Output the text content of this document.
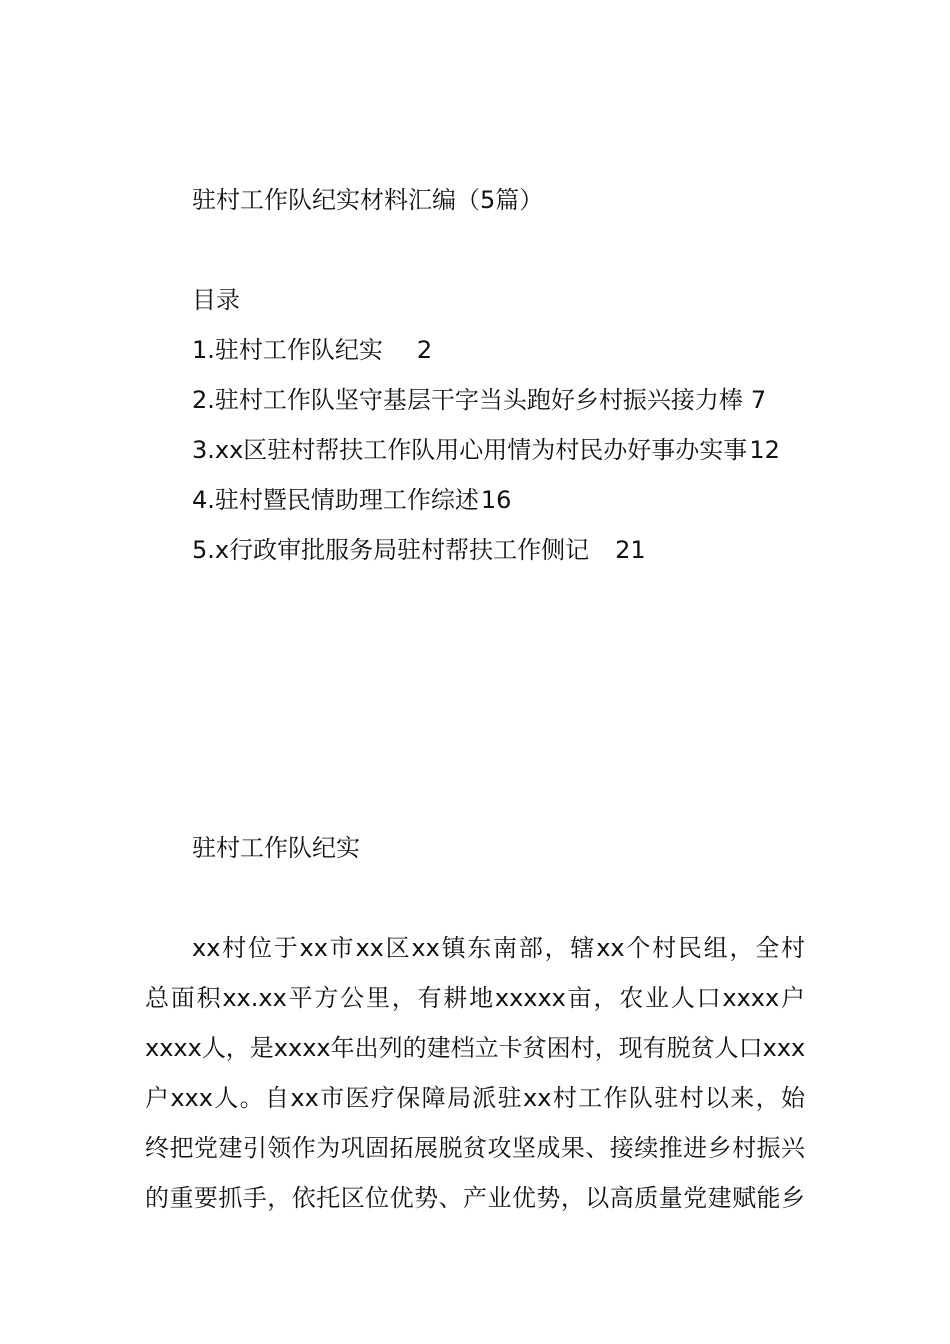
驻村工作队纪实材料汇编（5篇）
目录
1.驻村工作队纪实 2
2.驻村工作队坚守基层干字当头跑好乡村振兴接力棒 7
3.xx区驻村帮扶工作队用心用情为村民办好事办实事12
4.驻村暨民情助理工作综述16
5.x行政审批服务局驻村帮扶工作侧记 21
驻村工作队纪实
xx村位于xx市xx区xx镇东南部，辖xx个村民组，全村
总面积xx.xx平方公里，有耕地xxxxx亩，农业人口xxxx户
xxxx人，是xxxx年出列的建档立卡贫困村，现有脱贫人口xxx
户xxx人。自xx市医疗保障局派驻xx村工作队驻村以来，始
终把党建引领作为巩固拓展脱贫攻坚成果、接续推进乡村振兴
的重要抓手，依托区位优势、产业优势，以高质量党建赋能乡
